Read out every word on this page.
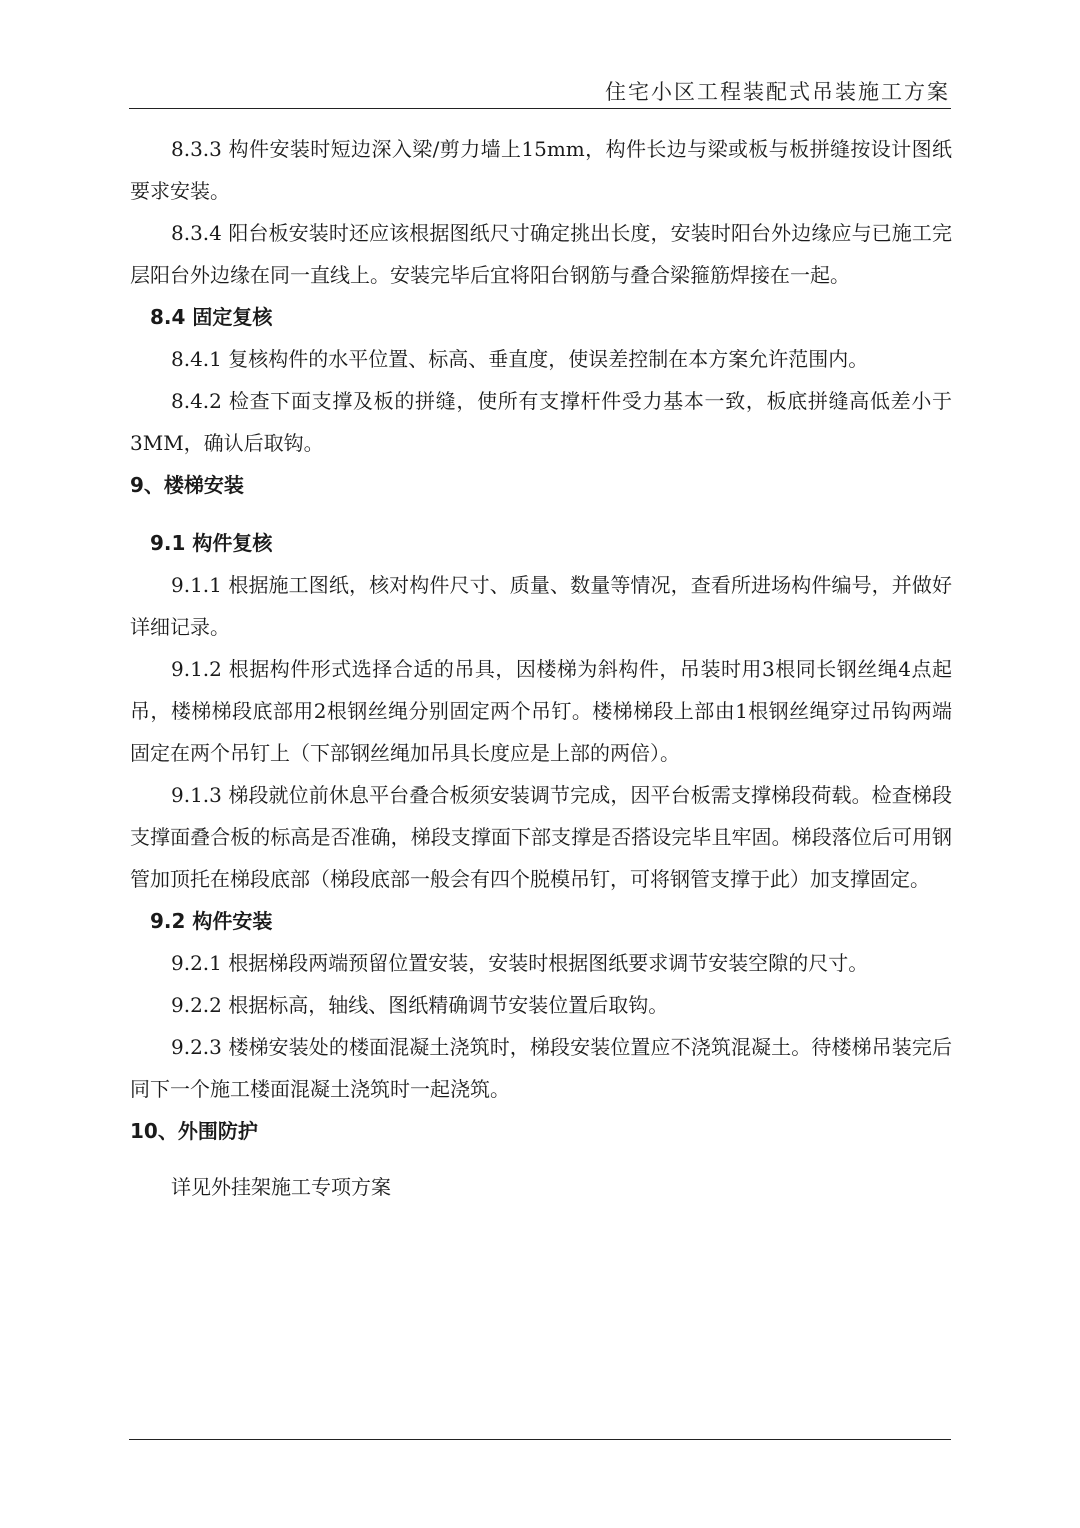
住宅小区工程装配式吊装施工方案

8.3.3 构件安装时短边深入梁/剪力墙上15mm，构件长边与梁或板与板拼缝按设计图纸要求安装。

8.3.4 阳台板安装时还应该根据图纸尺寸确定挑出长度，安装时阳台外边缘应与已施工完层阳台外边缘在同一直线上。安装完毕后宜将阳台钢筋与叠合梁箍筋焊接在一起。

8.4 固定复核

8.4.1 复核构件的水平位置、标高、垂直度，使误差控制在本方案允许范围内。

8.4.2 检查下面支撑及板的拼缝，使所有支撑杆件受力基本一致，板底拼缝高低差小于3MM，确认后取钩。

9、楼梯安装

9.1 构件复核

9.1.1 根据施工图纸，核对构件尺寸、质量、数量等情况，查看所进场构件编号，并做好详细记录。

9.1.2 根据构件形式选择合适的吊具，因楼梯为斜构件，吊装时用3根同长钢丝绳4点起吊，楼梯梯段底部用2根钢丝绳分别固定两个吊钉。楼梯梯段上部由1根钢丝绳穿过吊钩两端固定在两个吊钉上（下部钢丝绳加吊具长度应是上部的两倍）。

9.1.3 梯段就位前休息平台叠合板须安装调节完成，因平台板需支撑梯段荷载。检查梯段支撑面叠合板的标高是否准确，梯段支撑面下部支撑是否搭设完毕且牢固。梯段落位后可用钢管加顶托在梯段底部（梯段底部一般会有四个脱模吊钉，可将钢管支撑于此）加支撑固定。

9.2 构件安装

9.2.1 根据梯段两端预留位置安装，安装时根据图纸要求调节安装空隙的尺寸。

9.2.2 根据标高，轴线、图纸精确调节安装位置后取钩。

9.2.3 楼梯安装处的楼面混凝土浇筑时，梯段安装位置应不浇筑混凝土。待楼梯吊装完后同下一个施工楼面混凝土浇筑时一起浇筑。

10、外围防护

详见外挂架施工专项方案
